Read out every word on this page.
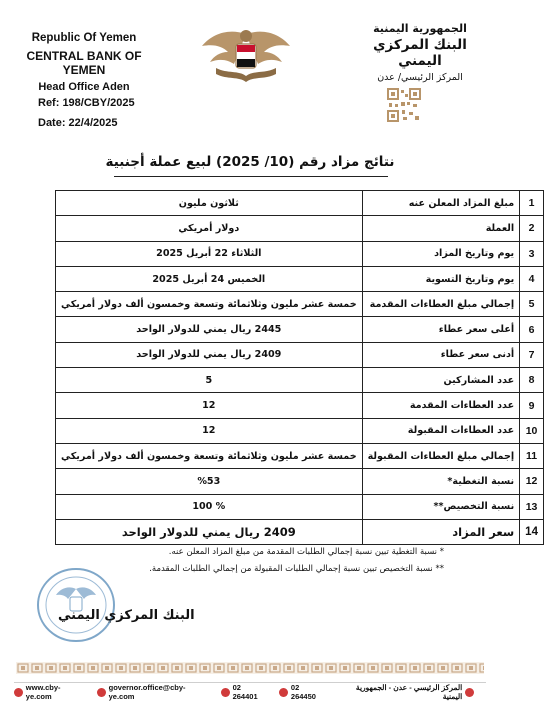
Republic Of Yemen
CENTRAL BANK OF YEMEN
Head Office Aden
Ref: 198/CBY/2025
Date: 22/4/2025
الجمهورية اليمنية
البنك المركزي اليمني
المركز الرئيسي/ عدن
نتائج مزاد رقم (10/ 2025) لبيع عملة أجنبية
1	مبلغ المزاد المعلن عنه	ثلاثون مليون
2	العملة	دولار أمريكي
3	يوم وتاريخ المزاد	الثلاثاء 22 أبريل 2025
4	يوم وتاريخ التسوية	الخميس 24 أبريل 2025
5	إجمالي مبلغ العطاءات المقدمة	خمسة عشر مليون وثلاثمائة وتسعة وخمسون ألف دولار أمريكي
6	أعلى سعر عطاء	2445 ريال يمني للدولار الواحد
7	أدنى سعر عطاء	2409 ريال يمني للدولار الواحد
8	عدد المشاركين	5
9	عدد العطاءات المقدمة	12
10	عدد العطاءات المقبولة	12
11	إجمالي مبلغ العطاءات المقبولة	خمسة عشر مليون وثلاثمائة وتسعة وخمسون ألف دولار أمريكي
12	نسبة التغطية*	%53
13	نسبة التخصيص**	% 100
14	سعر المزاد	2409 ريال يمني للدولار الواحد
* نسبة التغطية تبين نسبة إجمالي الطلبات المقدمة من مبلغ المزاد المعلن عنه.
** نسبة التخصيص تبين نسبة إجمالي الطلبات المقبولة من إجمالي الطلبات المقدمة.
البنك المركزي اليمني
www.cby-ye.com
governor.office@cby-ye.com
02 264401
02 264450
المركز الرئيسي - عدن - الجمهورية اليمنية
